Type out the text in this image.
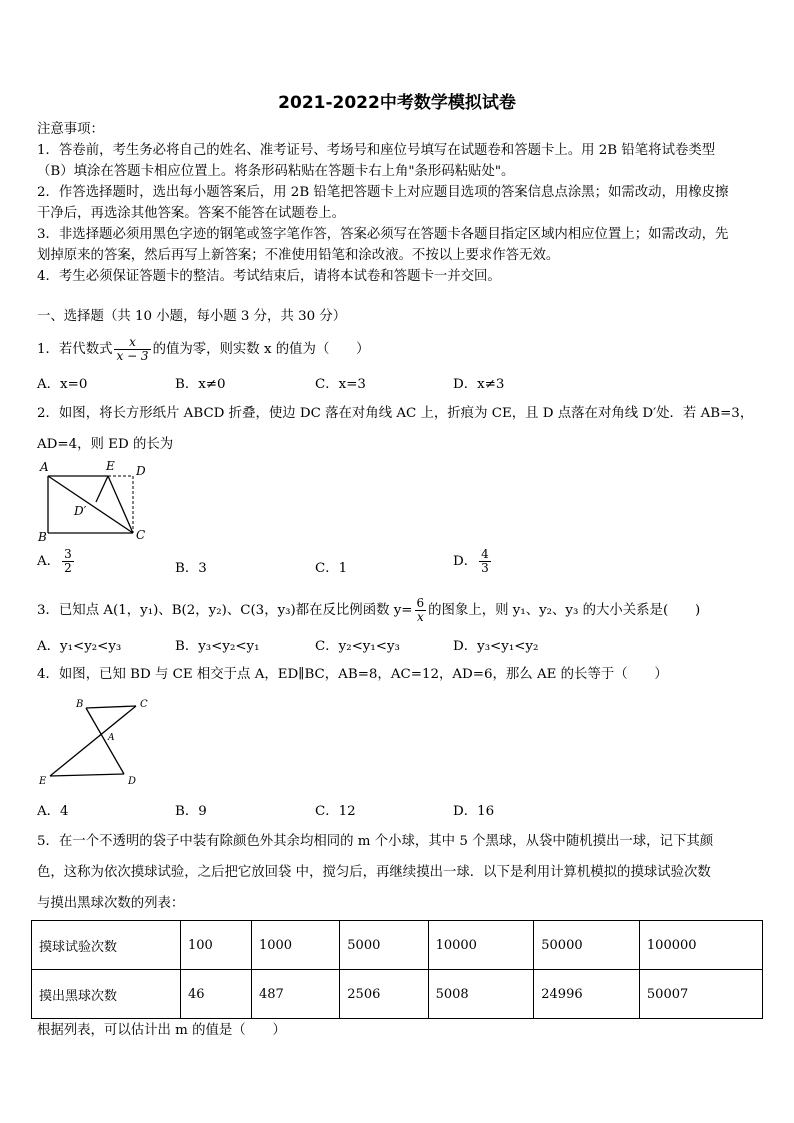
2021-2022中考数学模拟试卷
注意事项：
1．答卷前，考生务必将自己的姓名、准考证号、考场号和座位号填写在试题卷和答题卡上。用 2B 铅笔将试卷类型
（B）填涂在答题卡相应位置上。将条形码粘贴在答题卡右上角"条形码粘贴处"。
2．作答选择题时，选出每小题答案后，用 2B 铅笔把答题卡上对应题目选项的答案信息点涂黑；如需改动，用橡皮擦
干净后，再选涂其他答案。答案不能答在试题卷上。
3．非选择题必须用黑色字迹的钢笔或签字笔作答，答案必须写在答题卡各题目指定区域内相应位置上；如需改动，先
划掉原来的答案，然后再写上新答案；不准使用铅笔和涂改液。不按以上要求作答无效。
4．考生必须保证答题卡的整洁。考试结束后，请将本试卷和答题卡一并交回。
一、选择题（共 10 小题，每小题 3 分，共 30 分）
1．若代数式 $\frac{x}{x - 3}$ 的值为零，则实数 x 的值为（　　）
A．x=0	B．x≠0	C．x=3	D．x≠3
2．如图，将长方形纸片 ABCD 折叠，使边 DC 落在对角线 AC 上，折痕为 CE，且 D 点落在对角线 D′处．若 AB=3，
AD=4，则 ED 的长为
A	E D
D′
B	C
A． $\frac{3}{2}$	B．3	C．1	D． $\frac{4}{3}$
3．已知点 A(1，y₁)、B(2，y₂)、C(3，y₃)都在反比例函数 $y= \frac{6}{x}$ 的图象上，则 y₁、y₂、y₃ 的大小关系是(　　)
A．y₁<y₂<y₃	B．y₃<y₂<y₁	C．y₂<y₁<y₃	D．y₃<y₁<y₂
4．如图，已知 BD 与 CE 相交于点 A，ED∥BC，AB=8，AC=12，AD=6，那么 AE 的长等于（　　）
B	C
A
E	D
A．4	B．9	C．12	D．16
5．在一个不透明的袋子中装有除颜色外其余均相同的 m 个小球，其中 5 个黑球，从袋中随机摸出一球，记下其颜
色，这称为依次摸球试验，之后把它放回袋 中，搅匀后，再继续摸出一球．以下是利用计算机模拟的摸球试验次数
与摸出黑球次数的列表：
摸球试验次数	100	1000	5000	10000	50000	100000
摸出黑球次数	46	487	2506	5008	24996	50007
根据列表，可以估计出 m 的值是（　　）
